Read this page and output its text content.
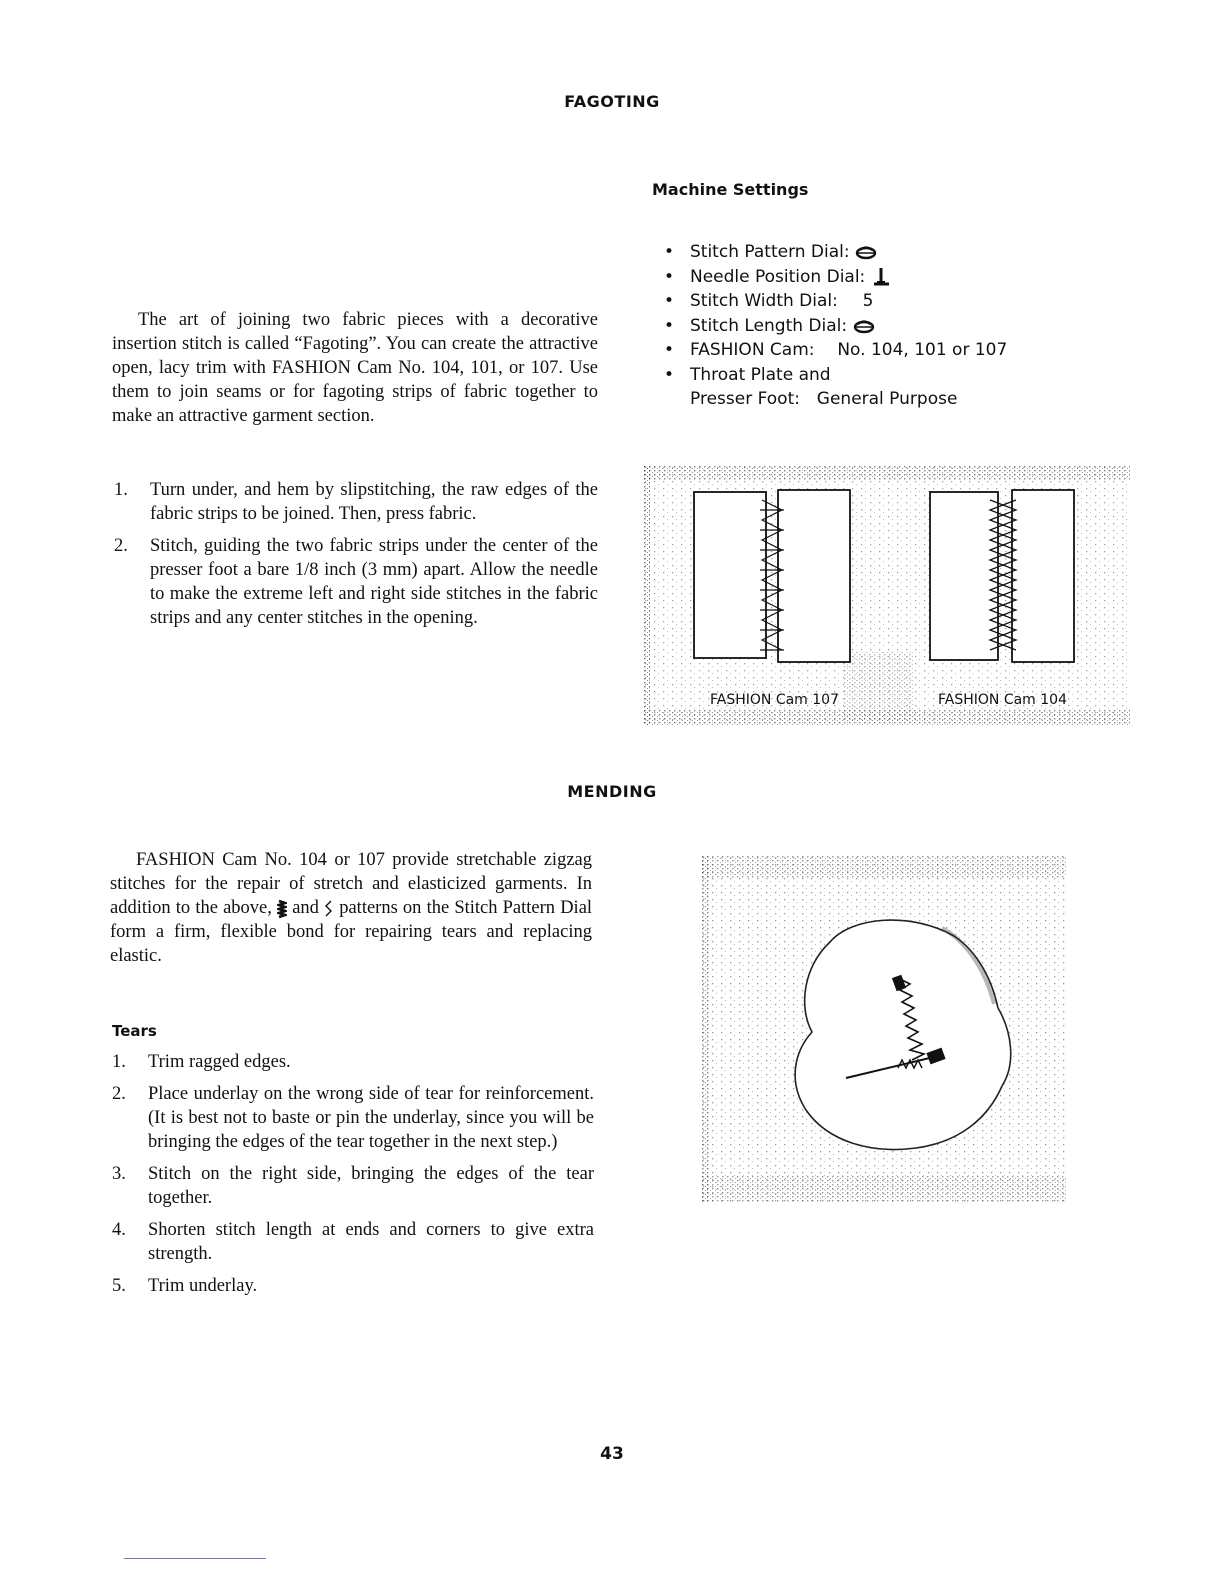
FAGOTING
Machine Settings
• Stitch Pattern Dial:
• Needle Position Dial:
• Stitch Width Dial: 5
• Stitch Length Dial:
• FASHION Cam: No. 104, 101 or 107
• Throat Plate and
Presser Foot: General Purpose

The art of joining two fabric pieces with a decorative insertion stitch is called “Fagoting”. You can create the attractive open, lacy trim with FASHION Cam No. 104, 101, or 107. Use them to join seams or for fagoting strips of fabric together to make an attractive garment section.

1. Turn under, and hem by slipstitching, the raw edges of the fabric strips to be joined. Then, press fabric.
2. Stitch, guiding the two fabric strips under the center of the presser foot a bare 1/8 inch (3 mm) apart. Allow the needle to make the extreme left and right side stitches in the fabric strips and any center stitches in the opening.
FASHION Cam 107	FASHION Cam 104
MENDING

FASHION Cam No. 104 or 107 provide stretchable zigzag stitches for the repair of stretch and elasticized garments. In addition to the above, and patterns on the Stitch Pattern Dial form a firm, flexible bond for repairing tears and replacing elastic.

Tears
1. Trim ragged edges.
2. Place underlay on the wrong side of tear for reinforcement. (It is best not to baste or pin the underlay, since you will be bringing the edges of the tear together in the next step.)
3. Stitch on the right side, bringing the edges of the tear together.
4. Shorten stitch length at ends and corners to give extra strength.
5. Trim underlay.
43
